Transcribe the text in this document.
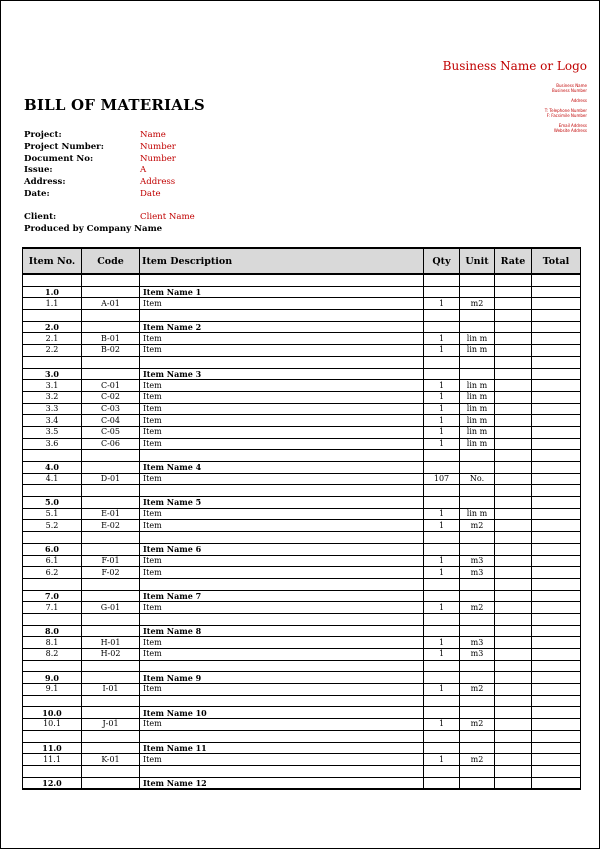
Business Name or Logo
Business Name
Business Number
Address
T: Telephone Number
F: Facsimile Number
Email Address
Website Address
BILL OF MATERIALS
Project:	Name
Project Number:	Number
Document No:	Number
Issue:	A
Address:	Address
Date:	Date
Client:	Client Name
Produced by Company Name
Item No.	Code	Item Description	Qty	Unit	Rate	Total

1.0		Item Name 1				
1.1	A-01	Item	1	m2		

2.0		Item Name 2				
2.1	B-01	Item	1	lin m		
2.2	B-02	Item	1	lin m		

3.0		Item Name 3				
3.1	C-01	Item	1	lin m		
3.2	C-02	Item	1	lin m		
3.3	C-03	Item	1	lin m		
3.4	C-04	Item	1	lin m		
3.5	C-05	Item	1	lin m		
3.6	C-06	Item	1	lin m		

4.0		Item Name 4				
4.1	D-01	Item	107	No.		

5.0		Item Name 5				
5.1	E-01	Item	1	lin m		
5.2	E-02	Item	1	m2		

6.0		Item Name 6				
6.1	F-01	Item	1	m3		
6.2	F-02	Item	1	m3		

7.0		Item Name 7				
7.1	G-01	Item	1	m2		

8.0		Item Name 8				
8.1	H-01	Item	1	m3		
8.2	H-02	Item	1	m3		

9.0		Item Name 9				
9.1	I-01	Item	1	m2		

10.0		Item Name 10				
10.1	J-01	Item	1	m2		

11.0		Item Name 11				
11.1	K-01	Item	1	m2		

12.0		Item Name 12				
